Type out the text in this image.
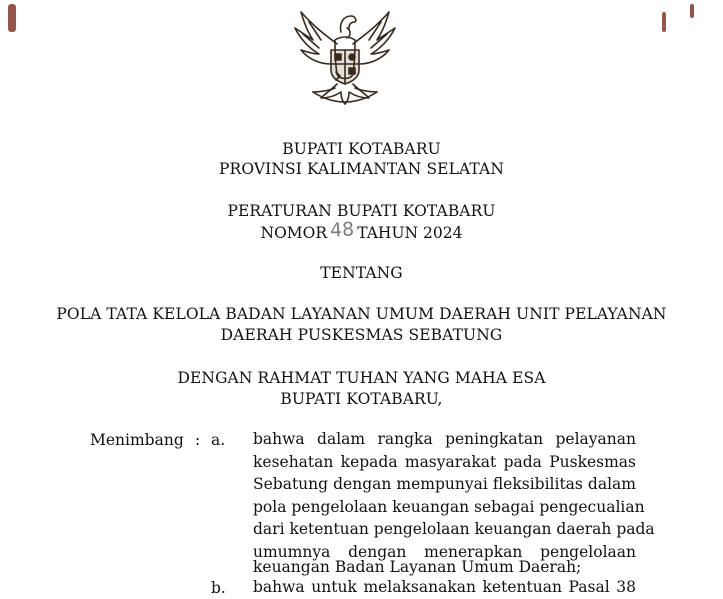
BUPATI KOTABARU
PROVINSI KALIMANTAN SELATAN
PERATURAN BUPATI KOTABARU
NOMOR 48 TAHUN 2024
TENTANG
POLA TATA KELOLA BADAN LAYANAN UMUM DAERAH UNIT PELAYANAN
DAERAH PUSKESMAS SEBATUNG
DENGAN RAHMAT TUHAN YANG MAHA ESA
BUPATI KOTABARU,
Menimbang : a. bahwa dalam rangka peningkatan pelayanan
kesehatan kepada masyarakat pada Puskesmas
Sebatung dengan mempunyai fleksibilitas dalam
pola pengelolaan keuangan sebagai pengecualian
dari ketentuan pengelolaan keuangan daerah pada
umumnya dengan menerapkan pengelolaan
keuangan Badan Layanan Umum Daerah;
b. bahwa untuk melaksanakan ketentuan Pasal 38
